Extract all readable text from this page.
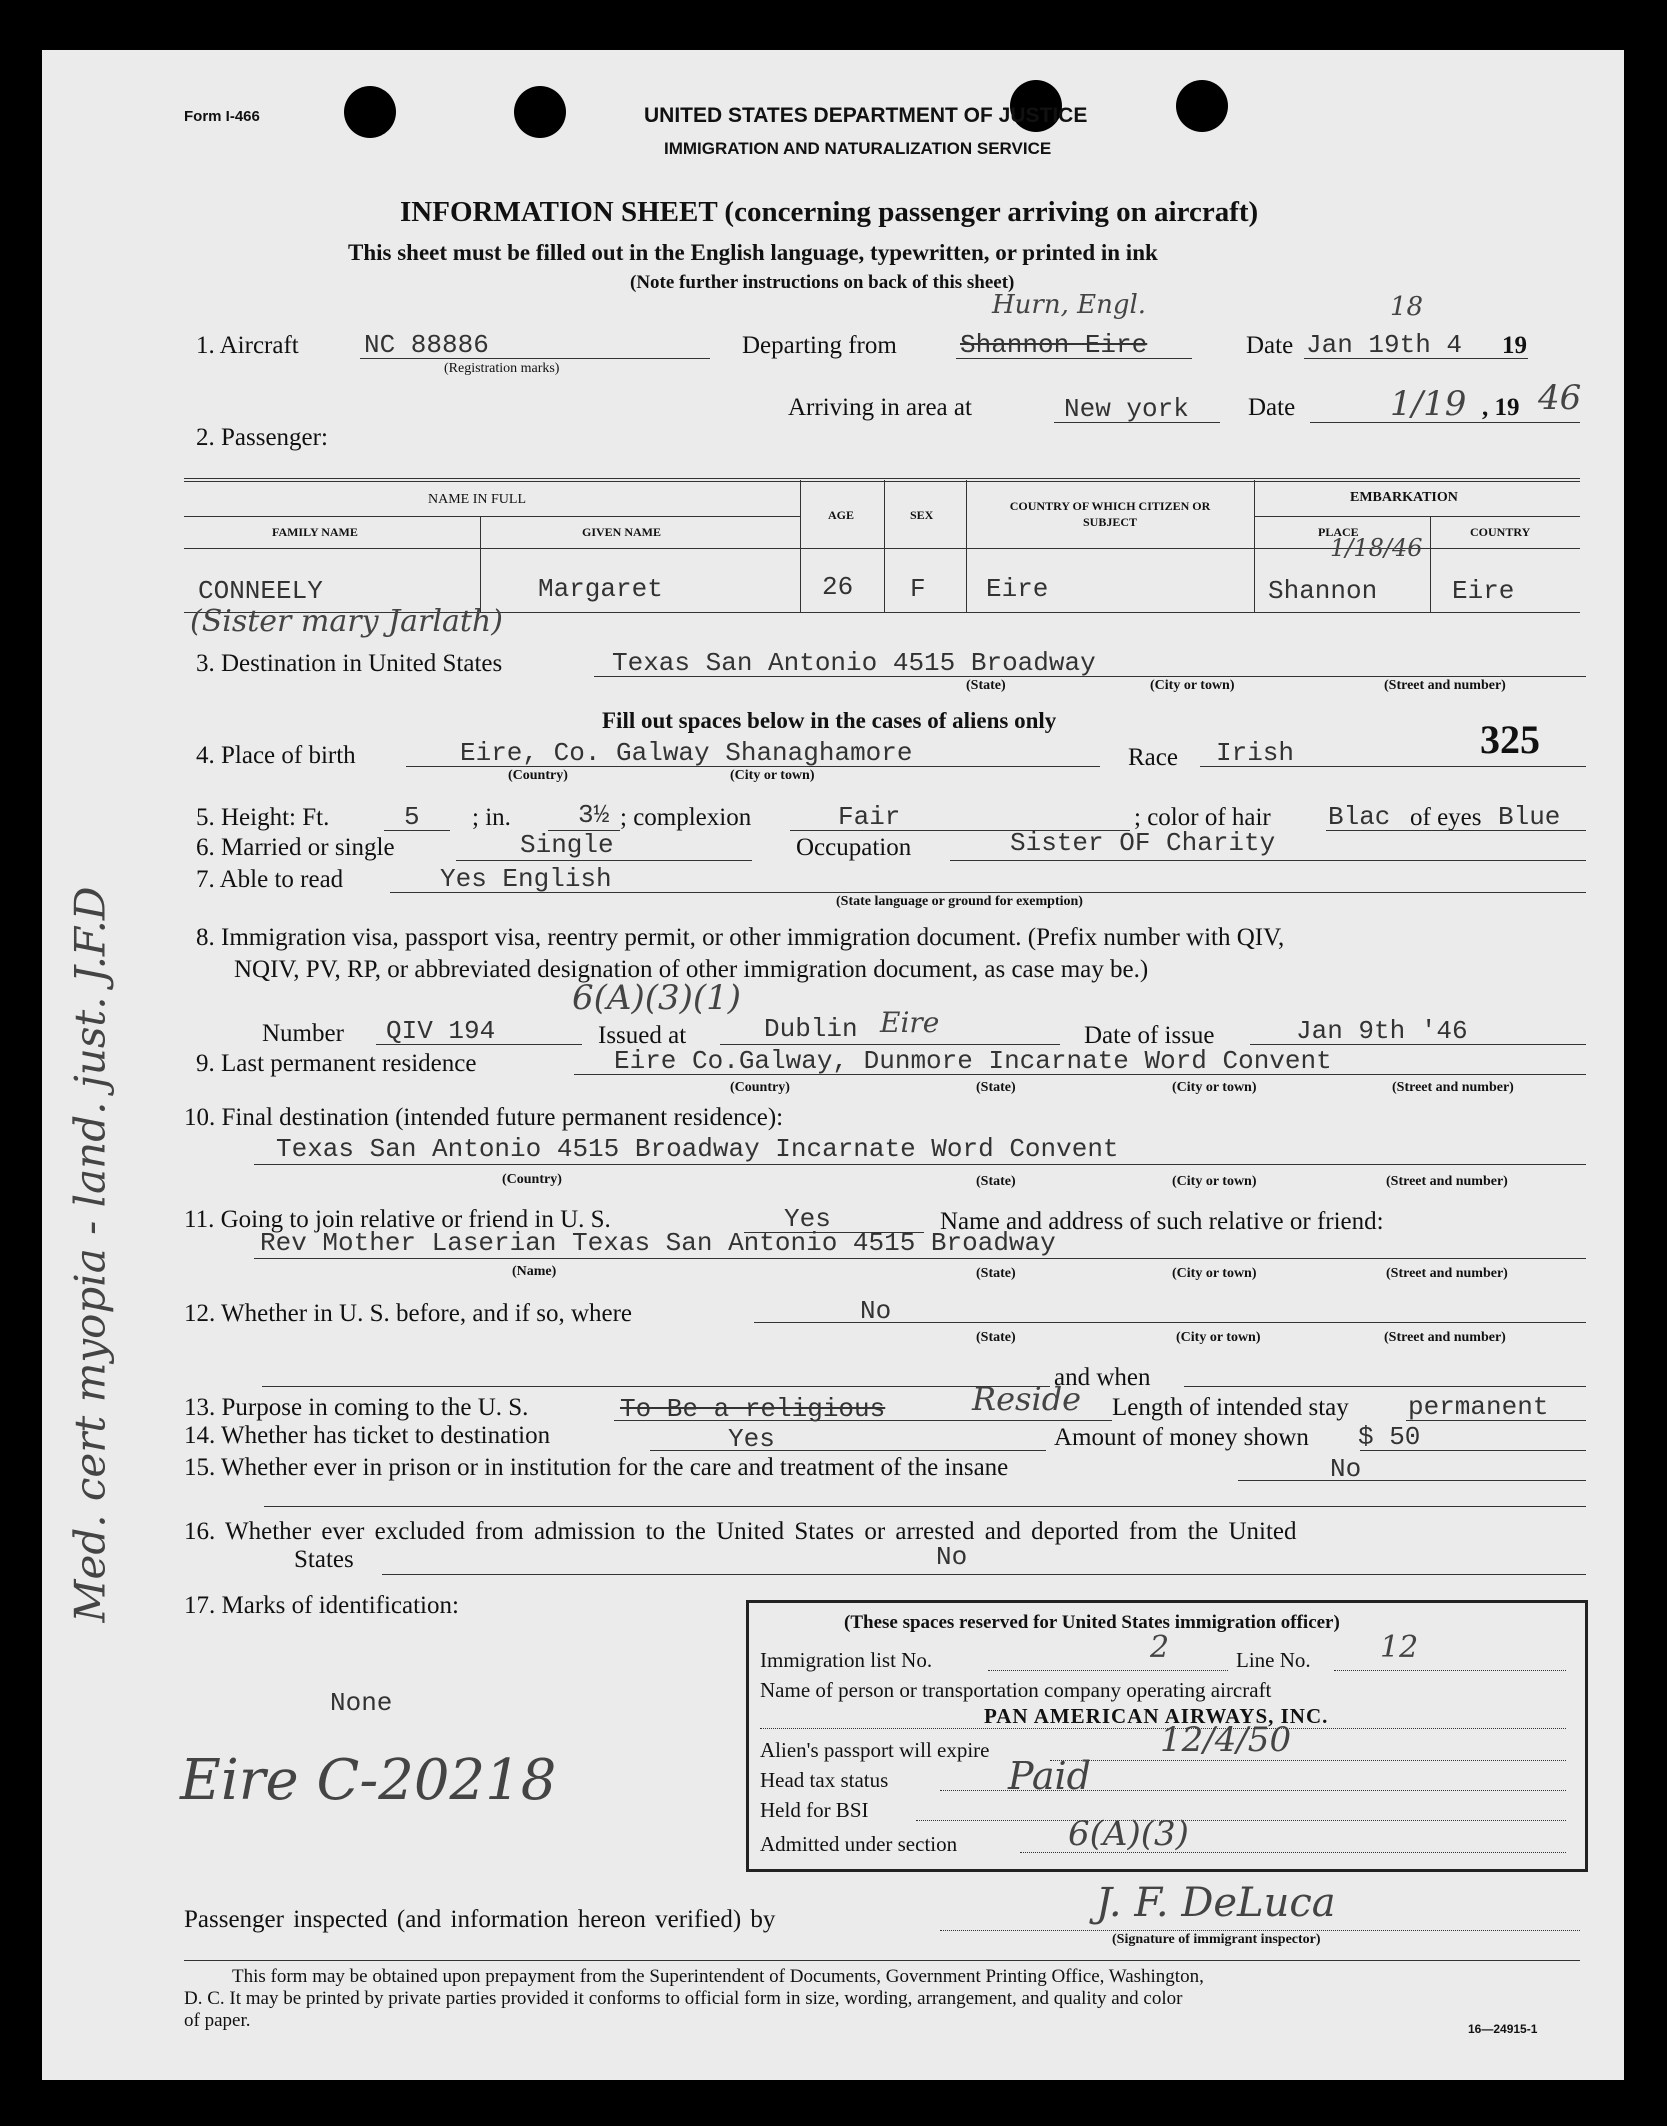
Form I-466	UNITED STATES DEPARTMENT OF JUSTICE
IMMIGRATION AND NATURALIZATION SERVICE
INFORMATION SHEET (concerning passenger arriving on aircraft)
This sheet must be filled out in the English language, typewritten, or printed in ink
(Note further instructions on back of this sheet)
1. Aircraft	NC 88886
(Registration marks)
Departing from Shannon Eire
Hurn, Engl.
Date Jan 19th 4
18
19
Arriving in area at	New york Date	1/19 , 19 46
2. Passenger:
NAME IN FULL
FAMILY NAME	GIVEN NAME
AGE	SEX
COUNTRY OF WHICH CITIZEN OR SUBJECT
EMBARKATION
PLACE	COUNTRY
CONNEELY	Margaret	26 F Eire	Shannon	Eire
1/18/46
(Sister mary Jarlath)
3. Destination in United States	Texas San Antonio 4515 Broadway
(State)	(City or town)	(Street and number)
Fill out spaces below in the cases of aliens only	325
4. Place of birth	Eire, Co. Galway Shanaghamore
(Country)	(City or town)
Race Irish
5. Height: Ft.	5 ; in.	3½ ; complexion	Fair	; color of hair Blac of eyes Blue
6. Married or single	Single	Occupation	Sister OF Charity
7. Able to read	Yes English
(State language or ground for exemption)
8. Immigration visa, passport visa, reentry permit, or other immigration document. (Prefix number with QIV,
NQIV, PV, RP, or abbreviated designation of other immigration document, as case may be.)
6(A)(3)(1)
Number QIV 194	Issued at	Dublin Eire	Date of issue	Jan 9th '46
9. Last permanent residence	Eire Co.Galway, Dunmore Incarnate Word Convent
(Country)	(State)	(City or town)	(Street and number)
10. Final destination (intended future permanent residence):
Texas San Antonio 4515 Broadway Incarnate Word Convent
(Country)	(State)	(City or town)	(Street and number)
11. Going to join relative or friend in U. S.	Yes	Name and address of such relative or friend:
Rev Mother Laserian Texas San Antonio 4515 Broadway
(Name)	(State)	(City or town)	(Street and number)
12. Whether in U. S. before, and if so, where	No
(State)	(City or town)	(Street and number)
and when
13. Purpose in coming to the U. S.	To Be a religious	Reside Length of intended stay permanent
14. Whether has ticket to destination	Yes	Amount of money shown $ 50
15. Whether ever in prison or in institution for the care and treatment of the insane	No
16. Whether ever excluded from admission to the United States or arrested and deported from the United
States	No
17. Marks of identification:
None
Eire C-20218
(These spaces reserved for United States immigration officer)
Immigration list No.	2	Line No. 12
Name of person or transportation company operating aircraft
PAN AMERICAN AIRWAYS, INC.
Alien's passport will expire	12/4/50
Head tax status	Paid
Held for BSI
Admitted under section	6(A)(3)
Passenger inspected (and information hereon verified) by	J. F. DeLuca
(Signature of immigrant inspector)
Med. cert myopia - land. just. J.F.D
This form may be obtained upon prepayment from the Superintendent of Documents, Government Printing Office, Washington,
D. C. It may be printed by private parties provided it conforms to official form in size, wording, arrangement, and quality and color
of paper.	16—24915-1
